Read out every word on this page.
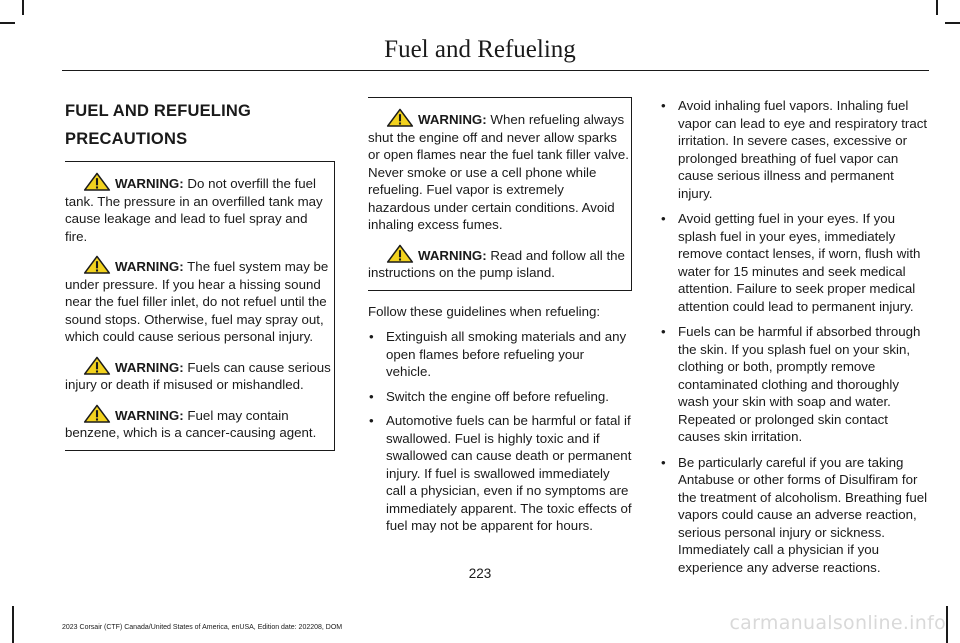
Fuel and Refueling
FUEL AND REFUELING
PRECAUTIONS

WARNING: Do not overfill the fuel tank. The pressure in an overfilled tank may cause leakage and lead to fuel spray and fire.

WARNING: The fuel system may be under pressure. If you hear a hissing sound near the fuel filler inlet, do not refuel until the sound stops. Otherwise, fuel may spray out, which could cause serious personal injury.

WARNING: Fuels can cause serious injury or death if misused or mishandled.

WARNING: Fuel may contain benzene, which is a cancer-causing agent.

WARNING: When refueling always shut the engine off and never allow sparks or open flames near the fuel tank filler valve. Never smoke or use a cell phone while refueling. Fuel vapor is extremely hazardous under certain conditions. Avoid inhaling excess fumes.

WARNING: Read and follow all the instructions on the pump island.

Follow these guidelines when refueling:

• Extinguish all smoking materials and any open flames before refueling your vehicle.
• Switch the engine off before refueling.
• Automotive fuels can be harmful or fatal if swallowed. Fuel is highly toxic and if swallowed can cause death or permanent injury. If fuel is swallowed immediately call a physician, even if no symptoms are immediately apparent. The toxic effects of fuel may not be apparent for hours.
• Avoid inhaling fuel vapors. Inhaling fuel vapor can lead to eye and respiratory tract irritation. In severe cases, excessive or prolonged breathing of fuel vapor can cause serious illness and permanent injury.
• Avoid getting fuel in your eyes. If you splash fuel in your eyes, immediately remove contact lenses, if worn, flush with water for 15 minutes and seek medical attention. Failure to seek proper medical attention could lead to permanent injury.
• Fuels can be harmful if absorbed through the skin. If you splash fuel on your skin, clothing or both, promptly remove contaminated clothing and thoroughly wash your skin with soap and water. Repeated or prolonged skin contact causes skin irritation.
• Be particularly careful if you are taking Antabuse or other forms of Disulfiram for the treatment of alcoholism. Breathing fuel vapors could cause an adverse reaction, serious personal injury or sickness. Immediately call a physician if you experience any adverse reactions.
223
2023 Corsair (CTF) Canada/United States of America, enUSA, Edition date: 202208, DOM	carmanualsonline.info
